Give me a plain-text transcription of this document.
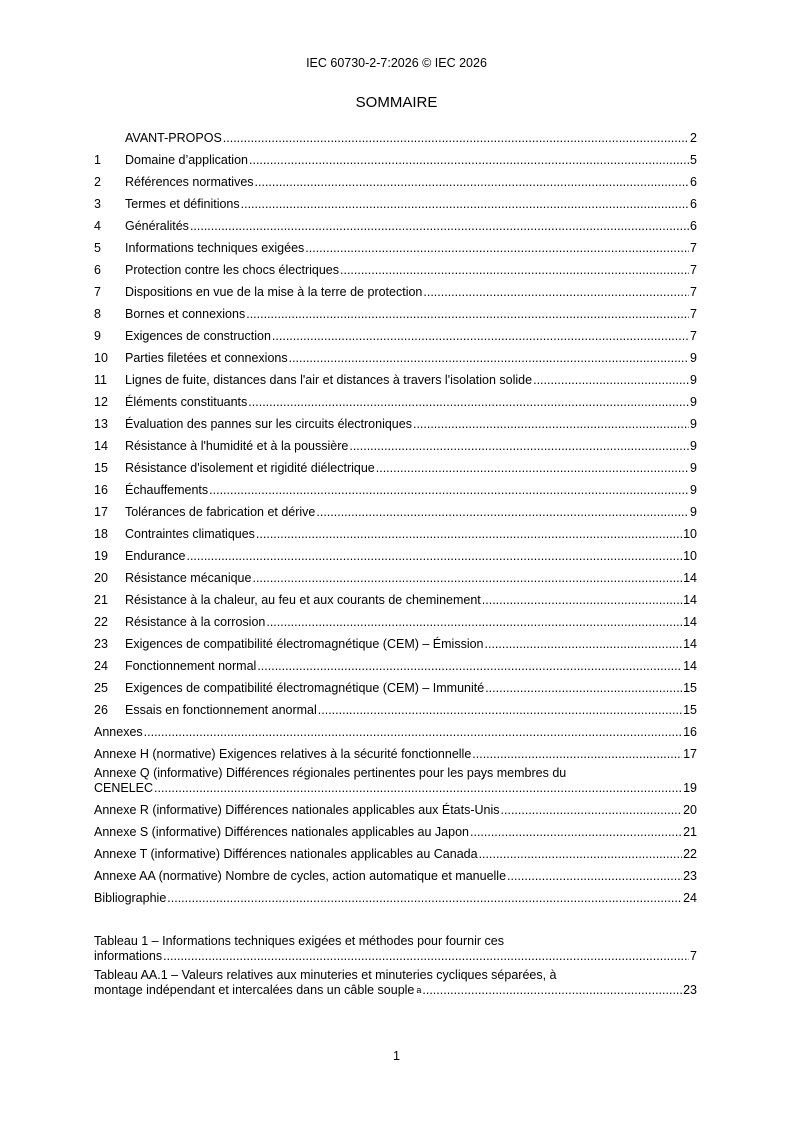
IEC 60730-2-7:2026 © IEC 2026
SOMMAIRE
AVANT-PROPOS .....	2
1	Domaine d’application .....	5
2	Références normatives .....	6
3	Termes et définitions .....	6
4	Généralités .....	6
5	Informations techniques exigées .....	7
6	Protection contre les chocs électriques .....	7
7	Dispositions en vue de la mise à la terre de protection .....	7
8	Bornes et connexions .....	7
9	Exigences de construction .....	7
10	Parties filetées et connexions .....	9
11	Lignes de fuite, distances dans l'air et distances à travers l'isolation solide .....	9
12	Éléments constituants .....	9
13	Évaluation des pannes sur les circuits électroniques .....	9
14	Résistance à l'humidité et à la poussière .....	9
15	Résistance d'isolement et rigidité diélectrique .....	9
16	Échauffements .....	9
17	Tolérances de fabrication et dérive .....	9
18	Contraintes climatiques .....	10
19	Endurance .....	10
20	Résistance mécanique .....	14
21	Résistance à la chaleur, au feu et aux courants de cheminement .....	14
22	Résistance à la corrosion .....	14
23	Exigences de compatibilité électromagnétique (CEM) – Émission .....	14
24	Fonctionnement normal .....	14
25	Exigences de compatibilité électromagnétique (CEM) – Immunité .....	15
26	Essais en fonctionnement anormal .....	15
Annexes .....	16
Annexe H (normative) Exigences relatives à la sécurité fonctionnelle .....	17
Annexe Q (informative) Différences régionales pertinentes pour les pays membres du
CENELEC .....	19
Annexe R (informative) Différences nationales applicables aux États-Unis .....	20
Annexe S (informative) Différences nationales applicables au Japon .....	21
Annexe T (informative) Différences nationales applicables au Canada .....	22
Annexe AA (normative) Nombre de cycles, action automatique et manuelle .....	23
Bibliographie .....	24
Tableau 1 – Informations techniques exigées et méthodes pour fournir ces
informations .....	7
Tableau AA.1 – Valeurs relatives aux minuteries et minuteries cycliques séparées, à
montage indépendant et intercalées dans un câble souple a .....	23
1
